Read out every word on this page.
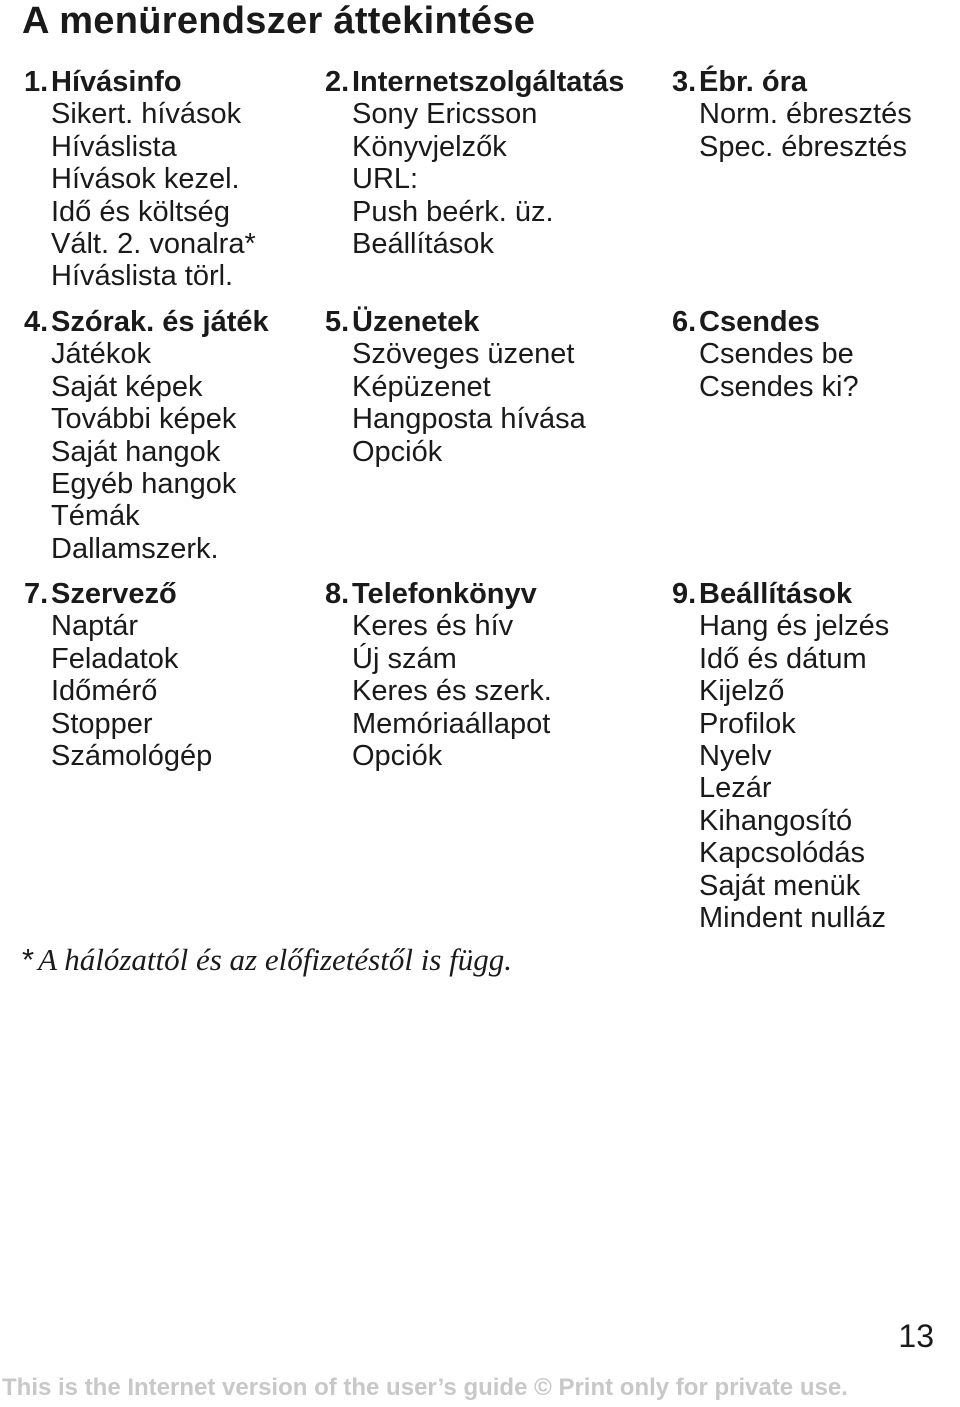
A menürendszer áttekintése
1. Hívásinfo
Sikert. hívások
Híváslista
Hívások kezel.
Idő és költség
Vált. 2. vonalra*
Híváslista törl.
2. Internetszolgáltatás
Sony Ericsson
Könyvjelzők
URL:
Push beérk. üz.
Beállítások
3. Ébr. óra
Norm. ébresztés
Spec. ébresztés
4. Szórak. és játék
Játékok
Saját képek
További képek
Saját hangok
Egyéb hangok
Témák
Dallamszerk.
5. Üzenetek
Szöveges üzenet
Képüzenet
Hangposta hívása
Opciók
6. Csendes
Csendes be
Csendes ki?
7. Szervező
Naptár
Feladatok
Időmérő
Stopper
Számológép
8. Telefonkönyv
Keres és hív
Új szám
Keres és szerk.
Memóriaállapot
Opciók
9. Beállítások
Hang és jelzés
Idő és dátum
Kijelző
Profilok
Nyelv
Lezár
Kihangosító
Kapcsolódás
Saját menük
Mindent nulláz
* A hálózattól és az előfizetéstől is függ.
13
This is the Internet version of the user’s guide © Print only for private use.
